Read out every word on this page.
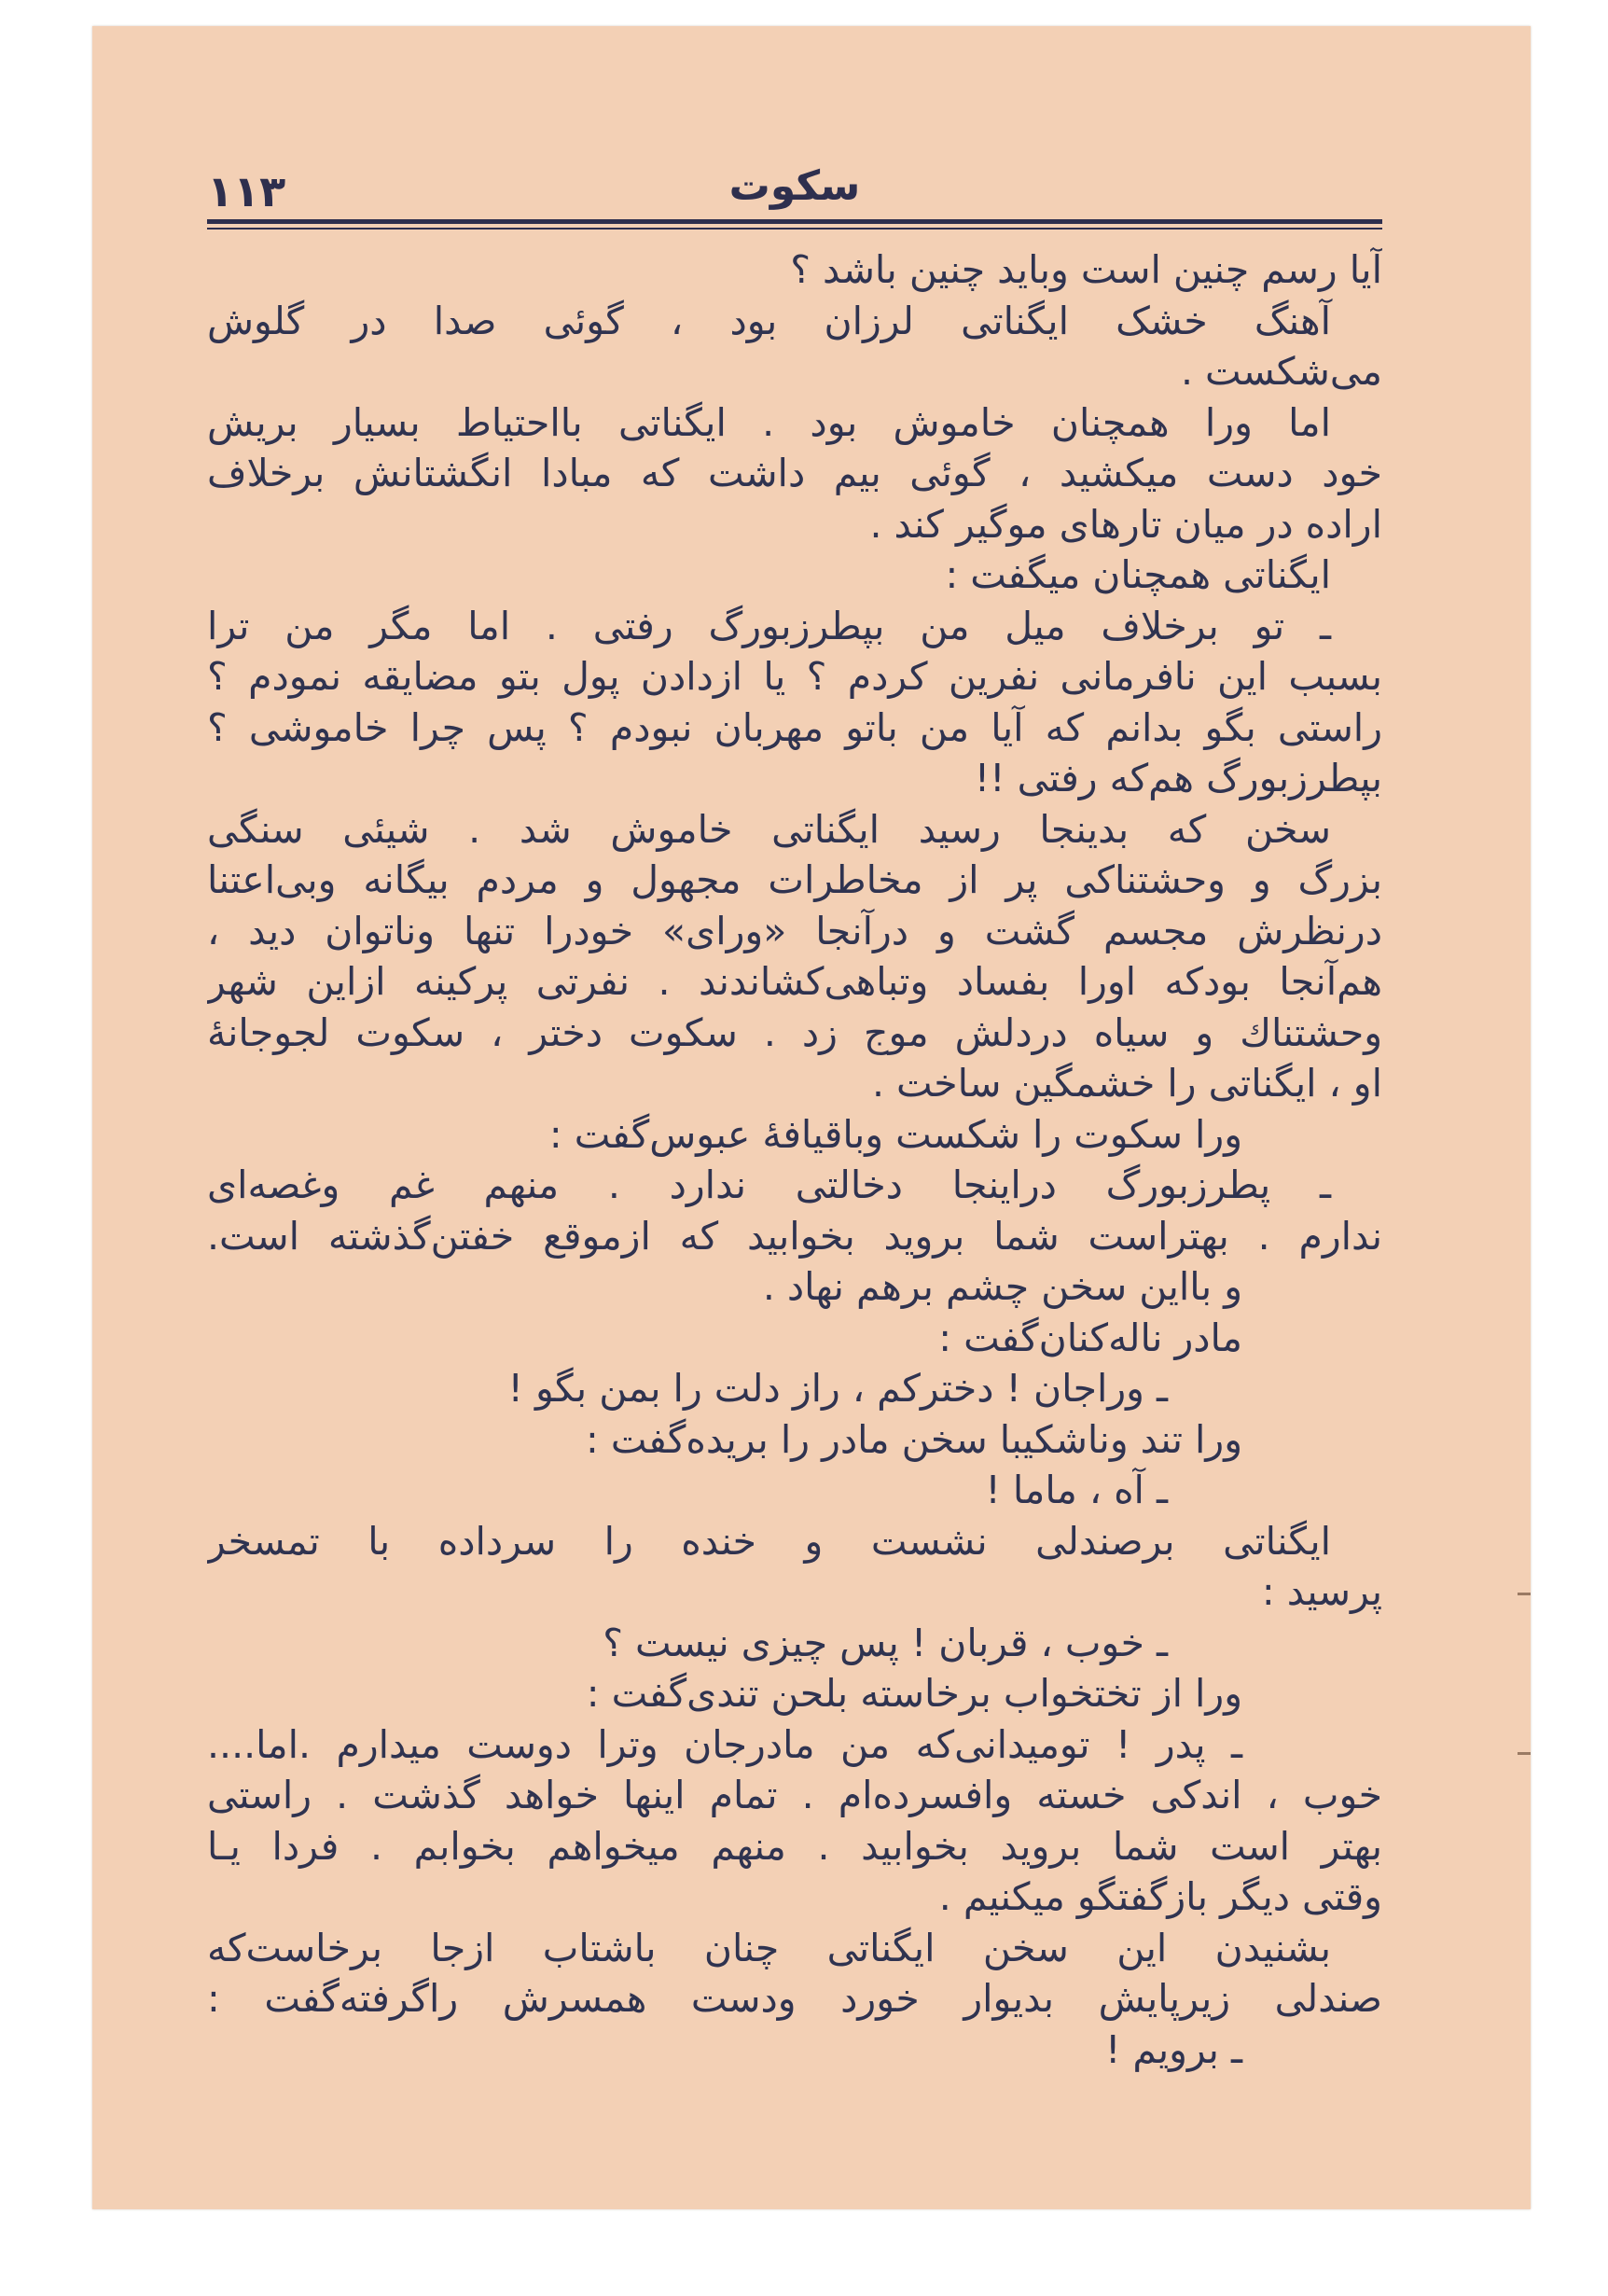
۱۱۳	سکوت
آیا رسم چنین است وباید چنین باشد ؟
آهنگ خشک ایگناتی لرزان بود ، گوئی صدا در گلوش
می‌شکست .
اما ورا همچنان خاموش بود . ایگناتی بااحتیاط بسیار بریش
خود دست میکشید ، گوئی بیم داشت که مبادا انگشتانش برخلاف
اراده در میان تارهای موگیر کند .
ایگناتی همچنان میگفت :
ـ تو برخلاف میل من بپطرزبورگ رفتی . اما مگر من ترا
بسبب این نافرمانی نفرین کردم ؟ یا ازدادن پول بتو مضایقه نمودم ؟
راستی بگو بدانم که آیا من باتو مهربان نبودم ؟ پس چرا خاموشی ؟
بپطرزبورگ هم‌که رفتی !!
سخن که بدینجا رسید ایگناتی خاموش شد . شیئی سنگی
بزرگ و وحشتناکی پر از مخاطرات مجهول و مردم بیگانه وبی‌اعتنا
درنظرش مجسم گشت و درآنجا «ورای» خودرا تنها وناتوان دید ،
هم‌آنجا بودکه اورا بفساد وتباهی‌کشاندند . نفرتی پرکینه ازاین شهر
وحشتناك و سیاه دردلش موج زد . سکوت دختر ، سکوت لجوجانهٔ
او ، ایگناتی را خشمگین ساخت .
ورا سکوت را شکست وباقیافهٔ عبوس‌گفت :
ـ پطرزبورگ دراینجا دخالتی ندارد . منهم غم وغصه‌ای
ندارم . بهتراست شما بروید بخوابید که ازموقع خفتن‌گذشته است.
و بااین سخن چشم برهم نهاد .
مادر ناله‌کنان‌گفت :
ـ وراجان ! دخترکم ، راز دلت را بمن بگو !
ورا تند وناشکیبا سخن مادر را بریده‌گفت :
ـ آه ، ماما !
ایگناتی برصندلی نشست و خنده را سرداده با تمسخر
پرسید :
ـ خوب ، قربان ! پس چیزی نیست ؟
ورا از تختخواب برخاسته بلحن تندی‌گفت :
ـ پدر ! تومیدانی‌که من مادرجان وترا دوست میدارم .اما....
خوب ، اندکی خسته وافسرده‌ام . تمام اینها خواهد گذشت . راستی
بهتر است شما بروید بخوابید . منهم میخواهم بخوابم . فردا یـا
وقتی دیگر بازگفتگو میکنیم .
بشنیدن این سخن ایگناتی چنان باشتاب ازجا برخاست‌که
صندلی زیرپایش بدیوار خورد ودست همسرش راگرفته‌گفت :
ـ برویم !
